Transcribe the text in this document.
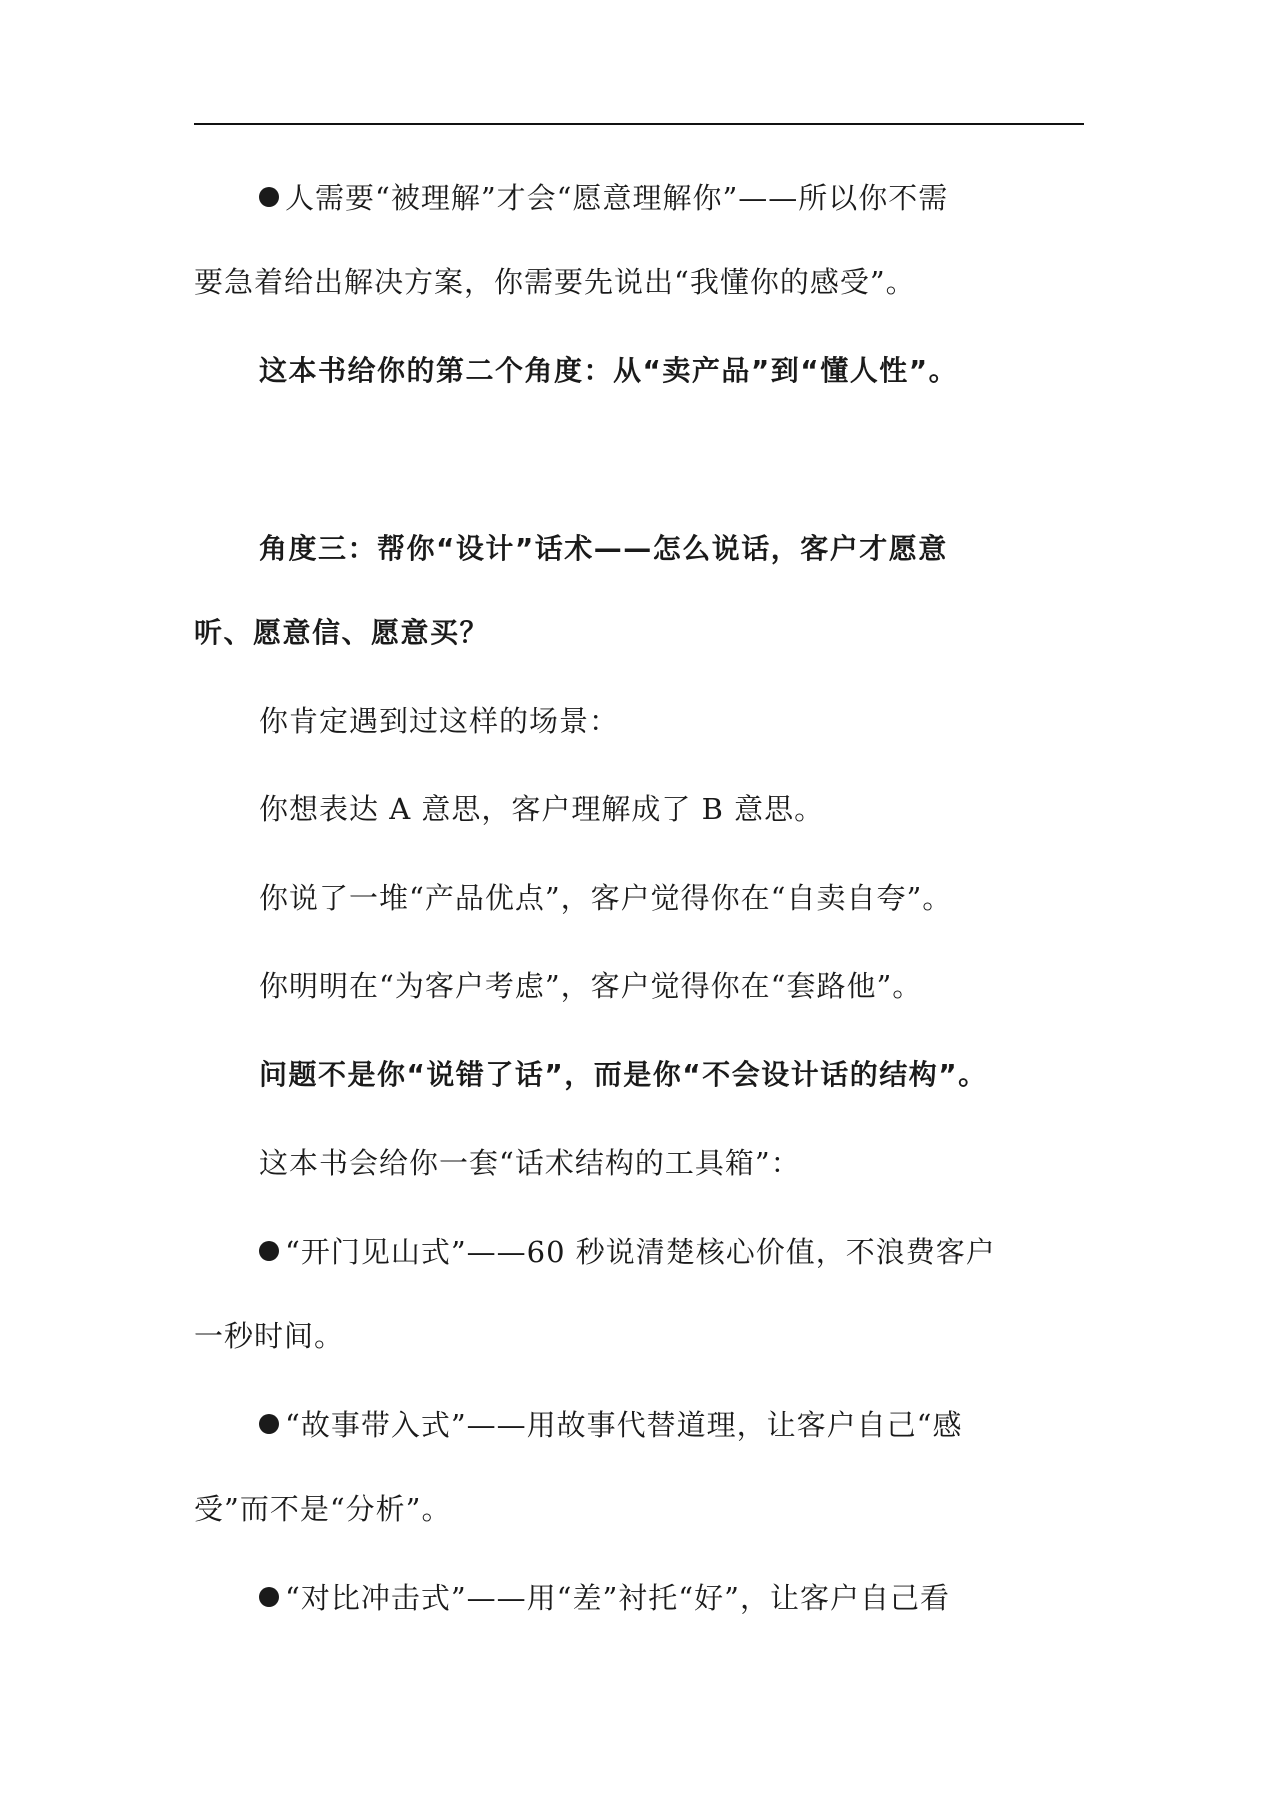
人需要“被理解”才会“愿意理解你”——所以你不需
要急着给出解决方案，你需要先说出“我懂你的感受”。
这本书给你的第二个角度：从“卖产品”到“懂人性”。
角度三：帮你“设计”话术——怎么说话，客户才愿意
听、愿意信、愿意买？
你肯定遇到过这样的场景：
你想表达 A 意思，客户理解成了 B 意思。
你说了一堆“产品优点”，客户觉得你在“自卖自夸”。
你明明在“为客户考虑”，客户觉得你在“套路他”。
问题不是你“说错了话”，而是你“不会设计话的结构”。
这本书会给你一套“话术结构的工具箱”：
“开门见山式”——60 秒说清楚核心价值，不浪费客户
一秒时间。
“故事带入式”——用故事代替道理，让客户自己“感
受”而不是“分析”。
“对比冲击式”——用“差”衬托“好”，让客户自己看
